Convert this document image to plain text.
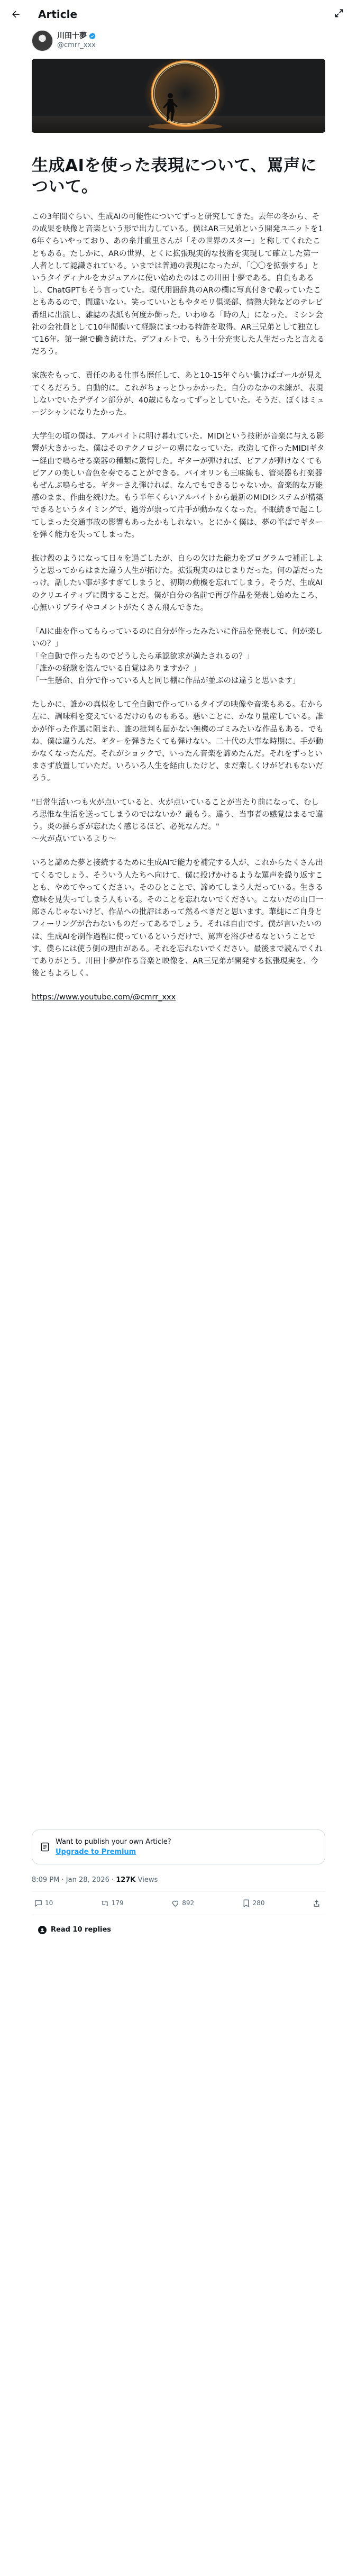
Article
川田十夢
@cmrr_xxx
生成AIを使った表現について、罵声について。

この3年間ぐらい、生成AIの可能性についてずっと研究してきた。去年の冬から、その成果を映像と音楽という形で出力している。僕はAR三兄弟という開発ユニットを16年ぐらいやっており、あの糸井重里さんが「その世界のスター」と称してくれたこともある。たしかに、ARの世界、とくに拡張現実的な技術を実現して確立した第一人者として認識されている。いまでは普通の表現になったが、「〇〇を拡張する」というタイディナルをカジュアルに使い始めたのはこの川田十夢である。自負もあるし、ChatGPTもそう言っていた。現代用語辞典のARの欄に写真付きで載っていたこともあるので、間違いない。笑っていいともやタモリ倶楽部、情熱大陸などのテレビ番組に出演し、雑誌の表紙も何度か飾った。いわゆる「時の人」になった。ミシン会社の会社員として10年間働いて経験にまつわる特許を取得、AR三兄弟として独立して16年。第一線で働き続けた。デフォルトで、もう十分充実した人生だったと言えるだろう。

家族をもって、責任のある仕事も歴任して、あと10-15年ぐらい働けばゴールが見えてくるだろう。自動的に。これがちょっとひっかかった。自分のなかの未練が、表現しないでいたデザイン部分が、40歳にもなってずっとしていた。そうだ、ぼくはミュージシャンになりたかった。

大学生の頃の僕は、アルバイトに明け暮れていた。MIDIという技術が音楽に与える影響が大きかった。僕はそのテクノロジーの虜になっていた。改造して作ったMIDIギター経由で鳴らせる楽器の種類に驚愕した。ギターが弾ければ、ピアノが弾けなくてもピアノの美しい音色を奏でることができる。バイオリンも三味線も、管楽器も打楽器もぜんぶ鳴らせる。ギターさえ弾ければ、なんでもできるじゃないか。音楽的な万能感のまま、作曲を続けた。もう半年くらいアルバイトから最新のMIDIシステムが構築できるというタイミングで、過労が祟って片手が動かなくなった。不眠続きで起こしてしまった交通事故の影響もあったかもしれない。とにかく僕は、夢の半ばでギターを弾く能力を失ってしまった。

抜け殻のようになって日々を過ごしたが、自らの欠けた能力をプログラムで補正しようと思ってからはまた違う人生が拓けた。拡張現実のはじまりだった。何の話だったっけ。話したい事が多すぎてしまうと、初期の動機を忘れてしまう。そうだ、生成AIのクリエイティブに関することだ。僕が自分の名前で再び作品を発表し始めたころ、心無いリプライやコメントがたくさん飛んできた。

「AIに曲を作ってもらっているのに自分が作ったみたいに作品を発表して、何が楽しいの？」
「全自動で作ったものでどうしたら承認欲求が満たされるの？」
「誰かの経験を盗んでいる自覚はありますか？」
「一生懸命、自分で作っている人と同じ棚に作品が並ぶのは違うと思います」

たしかに、誰かの真似をして全自動で作っているタイプの映像や音楽もある。右から左に、調味料を変えているだけのものもある。悪いことに、かなり量産している。誰かが作った作風に阻まれ、誰の批判も届かない無機のゴミみたいな作品もある。でもね、僕は違うんだ。ギターを弾きたくても弾けない。二十代の大事な時期に、手が動かなくなったんだ。それがショックで、いったん音楽を諦めたんだ。それをずっといまさず放置していただ。いろいろ人生を経由したけど、まだ楽しくけがどれもないだろう。

"日常生活いつも火が点いていると、火が点いていることが当たり前になって、むしろ思惟な生活を送ってしまうのではないか？最もう。違う、当事者の感覚はまるで違う。炎の揺らぎが忘れたく感じるほど、必死なんだ。"
〜火が点いているより〜

いろと諦めた夢と接続するために生成AIで能力を補完する人が、これからたくさん出てくるでしょう。そういう人たちへ向けて、僕に投げかけるような罵声を繰り返すことも、やめてやってください。そのひとことで、諦めてしまう人だっている。生きる意味を見失ってしまう人もいる。そのことを忘れないでください。こないだの山口一郎さんじゃないけど、作品への批評はあって然るべきだと思います。華純にご自身とフィーリングが合わないものだってあるでしょう。それは自由です。僕が言いたいのは、生成AIを制作過程に使っているというだけで、罵声を浴びせるなということです。僕らには使う側の理由がある。それを忘れないでください。最後まで読んでくれてありがとう。川田十夢が作る音楽と映像を、AR三兄弟が開発する拡張現実を、今後ともよろしく。

https://www.youtube.com/@cmrr_xxx

Want to publish your own Article?
Upgrade to Premium
8:09 PM · Jan 28, 2026 · 127K Views
10	179	892	280
Read 10 replies
